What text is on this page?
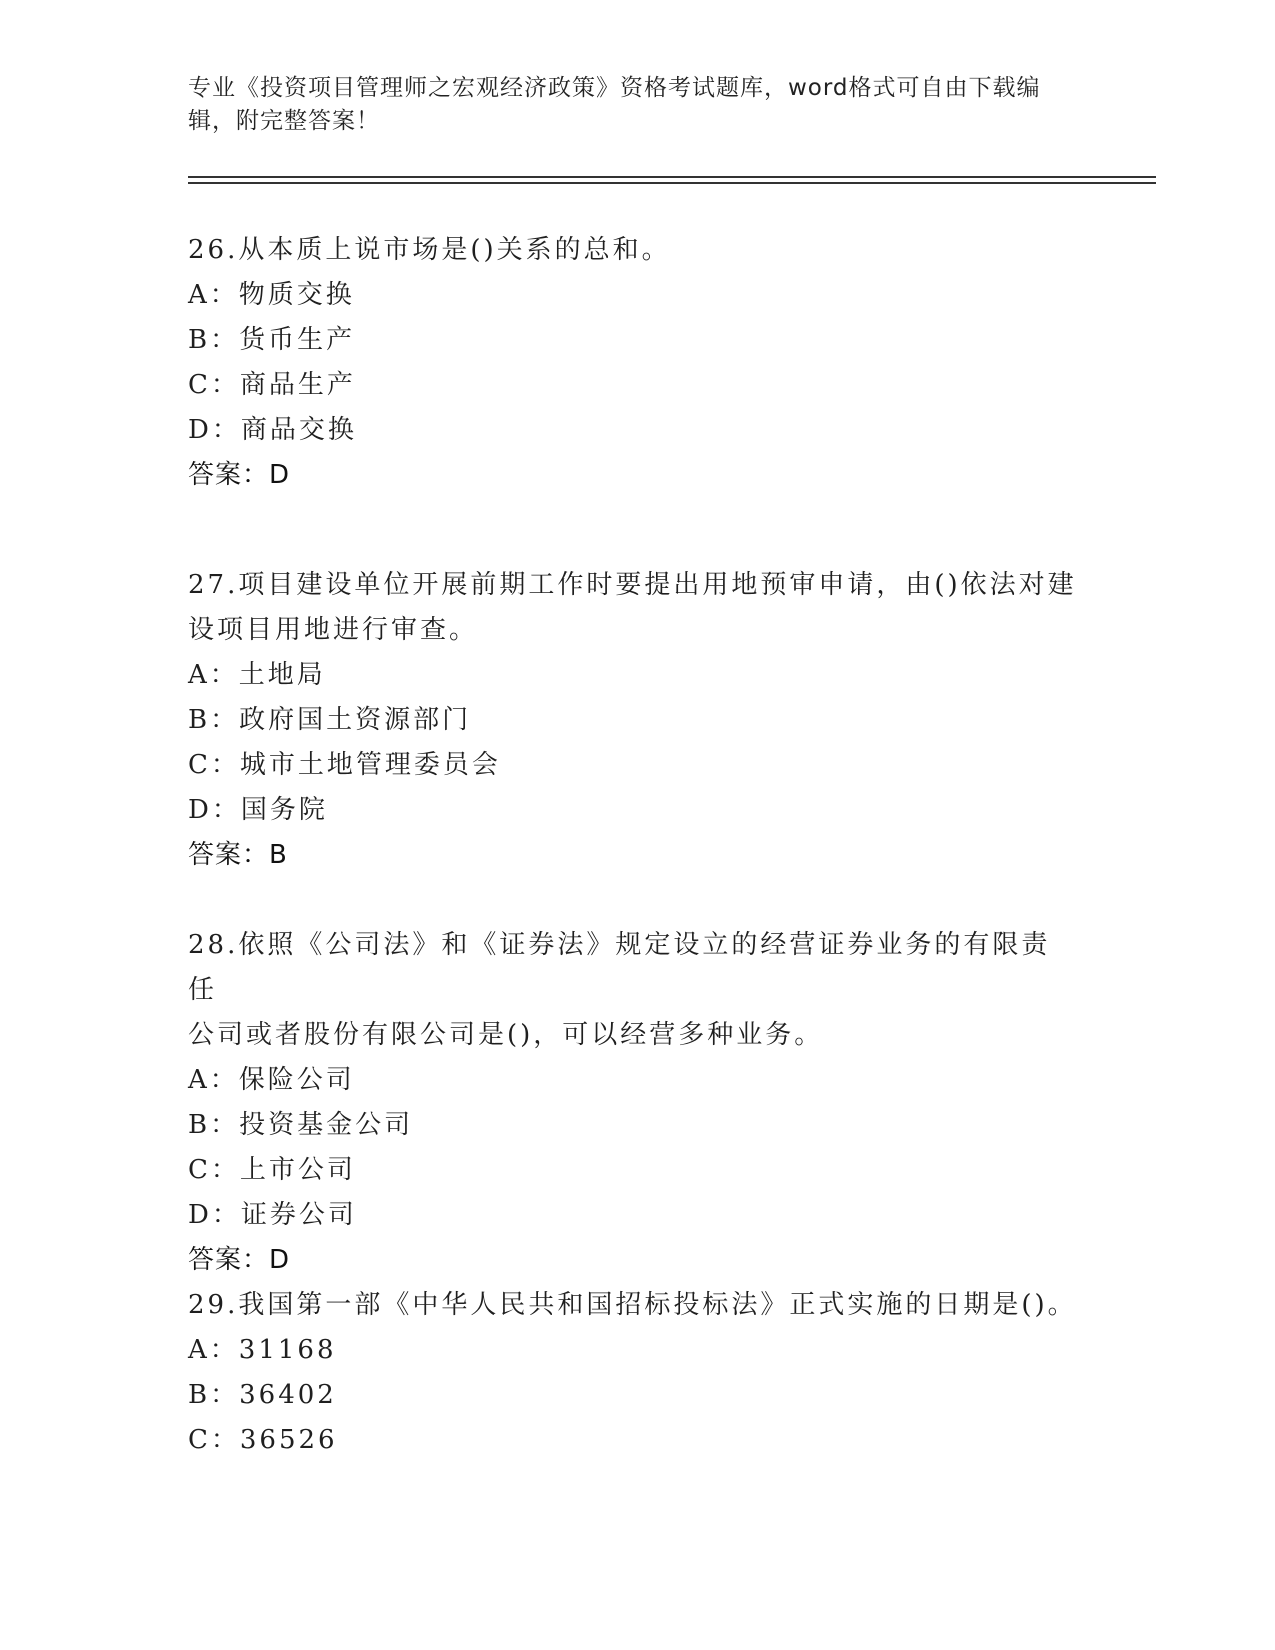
专业《投资项目管理师之宏观经济政策》资格考试题库，word格式可自由下载编
辑，附完整答案！

26.从本质上说市场是()关系的总和。

A：物质交换

B：货币生产

C：商品生产

D：商品交换

答案：D

27.项目建设单位开展前期工作时要提出用地预审申请，由()依法对建

设项目用地进行审查。

A：土地局

B：政府国土资源部门

C：城市土地管理委员会

D：国务院

答案：B

28.依照《公司法》和《证券法》规定设立的经营证券业务的有限责任

公司或者股份有限公司是()，可以经营多种业务。

A：保险公司

B：投资基金公司

C：上市公司

D：证券公司

答案：D

29.我国第一部《中华人民共和国招标投标法》正式实施的日期是()。

A：31168

B：36402

C：36526
